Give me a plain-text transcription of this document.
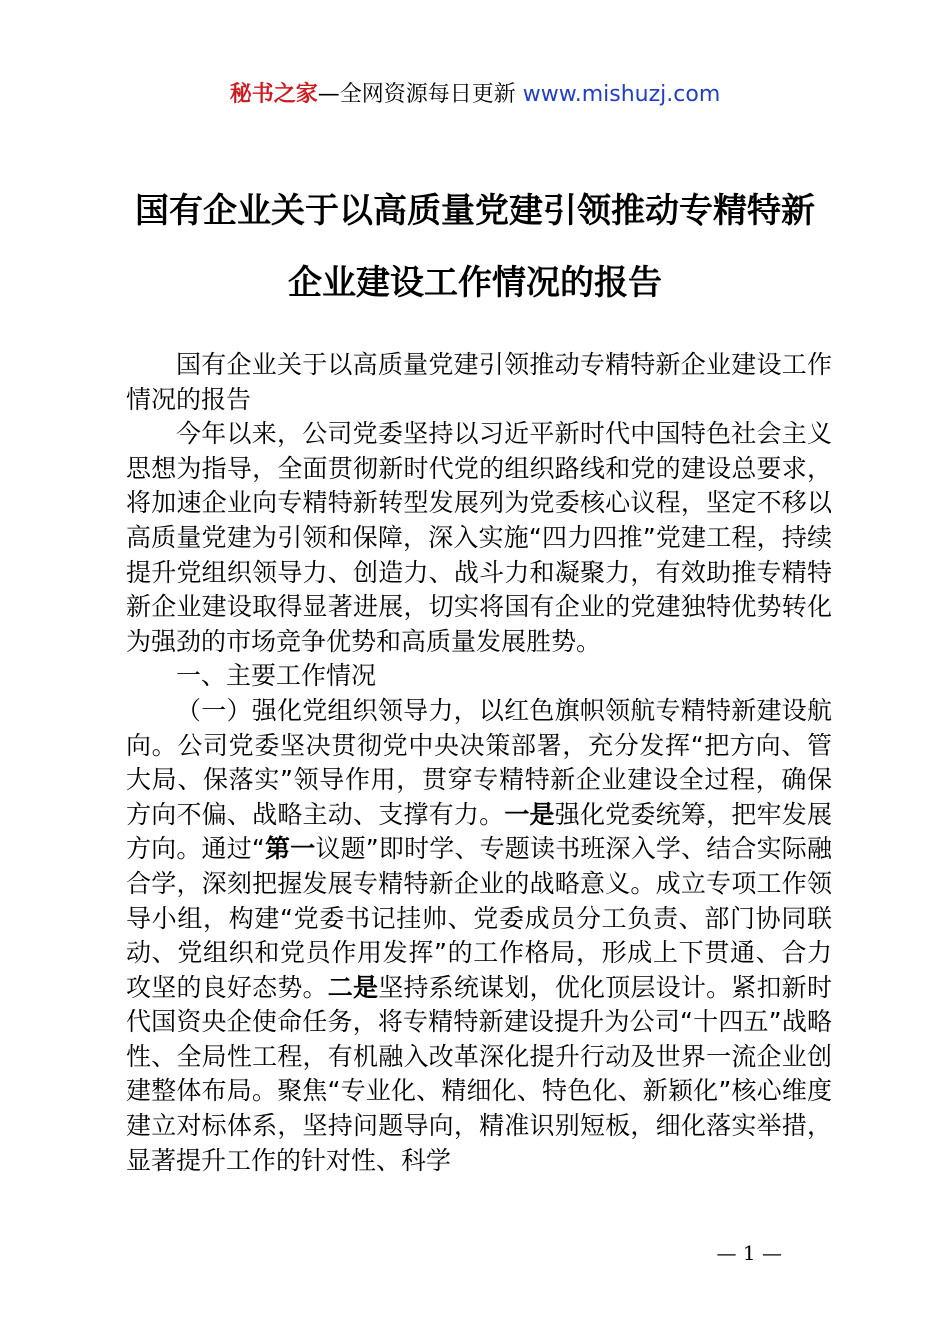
秘书之家—全网资源每日更新 www.mishuzj.com
国有企业关于以高质量党建引领推动专精特新
企业建设工作情况的报告

国有企业关于以高质量党建引领推动专精特新企业建设工作情况的报告

今年以来，公司党委坚持以习近平新时代中国特色社会主义思想为指导，全面贯彻新时代党的组织路线和党的建设总要求，将加速企业向专精特新转型发展列为党委核心议程，坚定不移以高质量党建为引领和保障，深入实施“四力四推”党建工程，持续提升党组织领导力、创造力、战斗力和凝聚力，有效助推专精特新企业建设取得显著进展，切实将国有企业的党建独特优势转化为强劲的市场竞争优势和高质量发展胜势。

一、主要工作情况

（一）强化党组织领导力，以红色旗帜领航专精特新建设航向。公司党委坚决贯彻党中央决策部署，充分发挥“把方向、管大局、保落实”领导作用，贯穿专精特新企业建设全过程，确保方向不偏、战略主动、支撑有力。一是强化党委统筹，把牢发展方向。通过“第一议题”即时学、专题读书班深入学、结合实际融合学，深刻把握发展专精特新企业的战略意义。成立专项工作领导小组，构建“党委书记挂帅、党委成员分工负责、部门协同联动、党组织和党员作用发挥”的工作格局，形成上下贯通、合力攻坚的良好态势。二是坚持系统谋划，优化顶层设计。紧扣新时代国资央企使命任务，将专精特新建设提升为公司“十四五”战略性、全局性工程，有机融入改革深化提升行动及世界一流企业创建整体布局。聚焦“专业化、精细化、特色化、新颖化”核心维度建立对标体系，坚持问题导向，精准识别短板，细化落实举措，显著提升工作的针对性、科学

— 1 —
